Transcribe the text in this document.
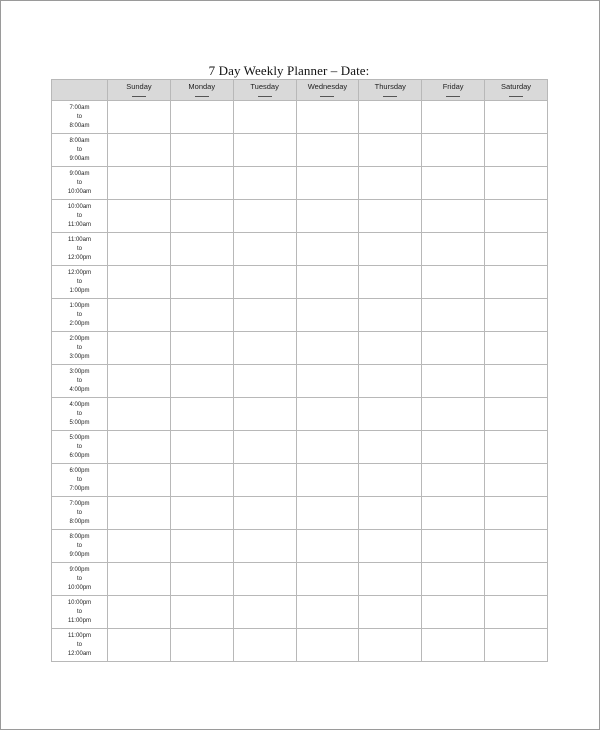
7 Day Weekly Planner – Date:
	Sunday	Monday	Tuesday	Wednesday	Thursday	Friday	Saturday

7:00am
to
8:00am							

8:00am
to
9:00am							

9:00am
to
10:00am							

10:00am
to
11:00am							

11:00am
to
12:00pm							

12:00pm
to
1:00pm							

1:00pm
to
2:00pm							

2:00pm
to
3:00pm							

3:00pm
to
4:00pm							

4:00pm
to
5:00pm							

5:00pm
to
6:00pm							

6:00pm
to
7:00pm							

7:00pm
to
8:00pm							

8:00pm
to
9:00pm							

9:00pm
to
10:00pm							

10:00pm
to
11:00pm							

11:00pm
to
12:00am							
